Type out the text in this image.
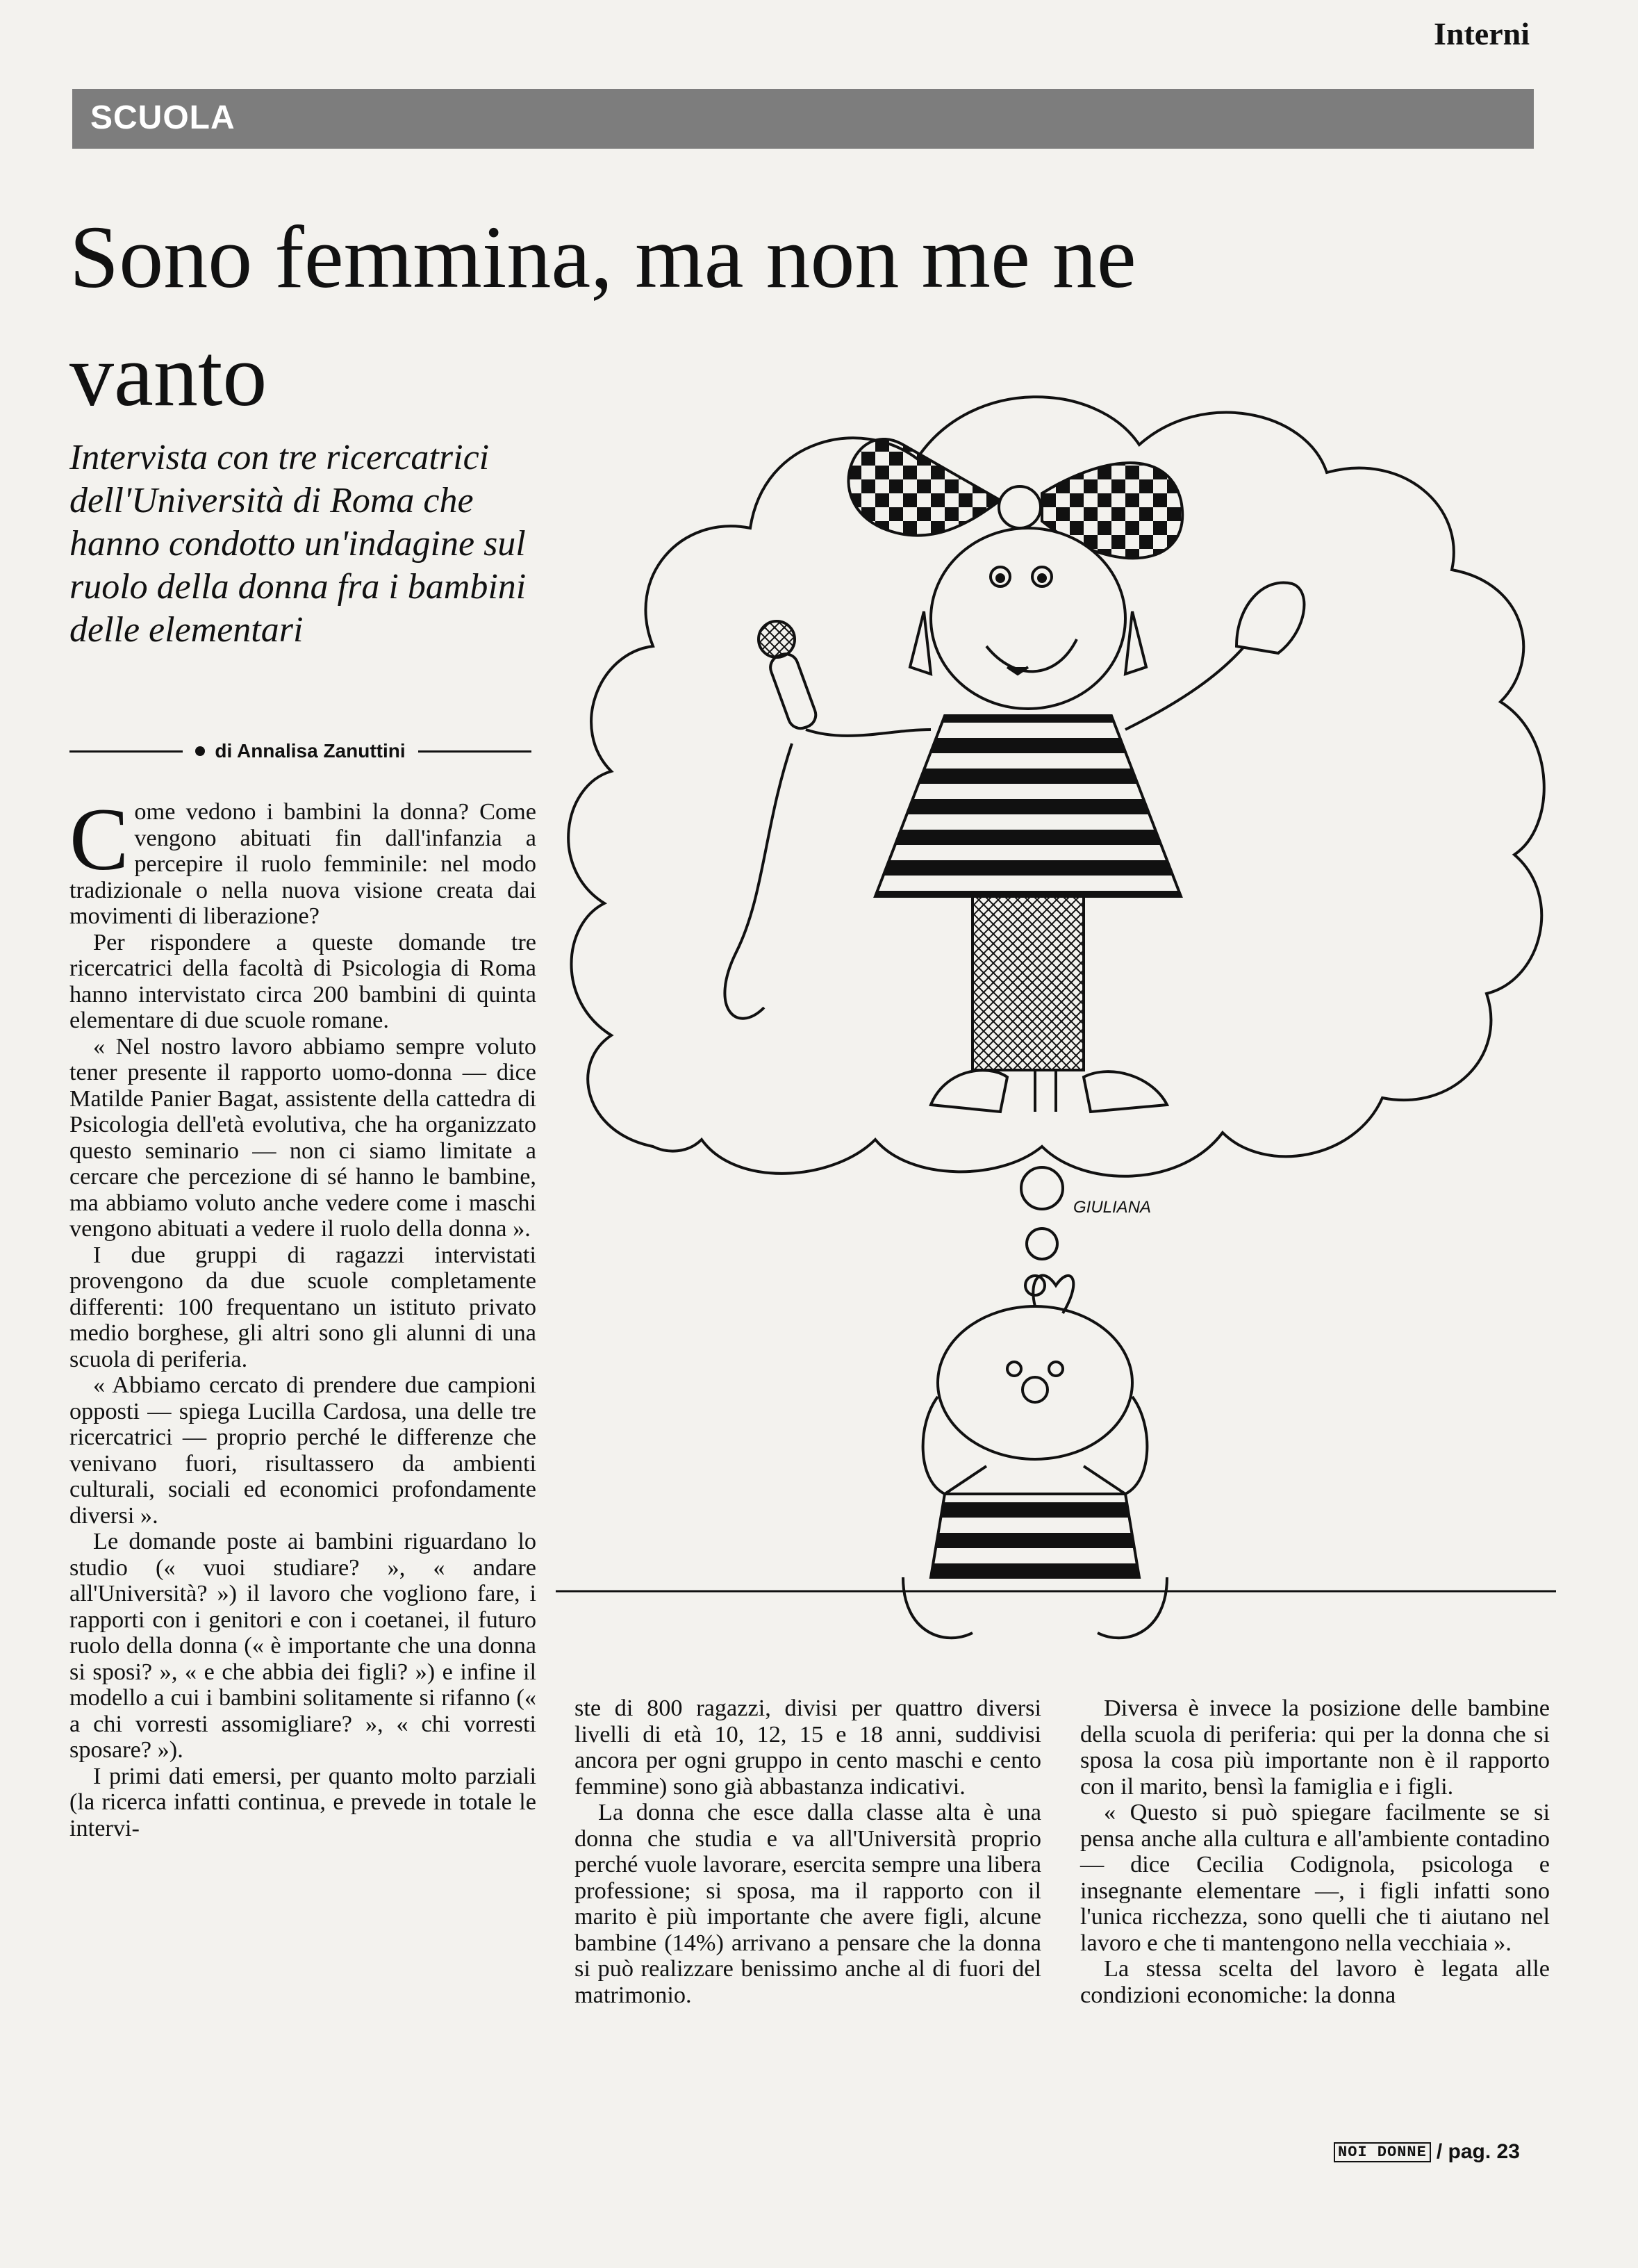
Interni
SCUOLA
Sono femmina, ma non me ne vanto
Intervista con tre ricercatrici dell'Università di Roma che hanno condotto un'indagine sul ruolo della donna fra i bambini delle elementari
di Annalisa Zanuttini

Come vedono i bambini la donna? Come vengono abituati fin dall'infanzia a percepire il ruolo femminile: nel modo tradizionale o nella nuova visione creata dai movimenti di liberazione?

Per rispondere a queste domande tre ricercatrici della facoltà di Psicologia di Roma hanno intervistato circa 200 bambini di quinta elementare di due scuole romane.

« Nel nostro lavoro abbiamo sempre voluto tener presente il rapporto uomo-donna — dice Matilde Panier Bagat, assistente della cattedra di Psicologia dell'età evolutiva, che ha organizzato questo seminario — non ci siamo limitate a cercare che percezione di sé hanno le bambine, ma abbiamo voluto anche vedere come i maschi vengono abituati a vedere il ruolo della donna ».

I due gruppi di ragazzi intervistati provengono da due scuole completamente differenti: 100 frequentano un istituto privato medio borghese, gli altri sono gli alunni di una scuola di periferia.

« Abbiamo cercato di prendere due campioni opposti — spiega Lucilla Cardosa, una delle tre ricercatrici — proprio perché le differenze che venivano fuori, risultassero da ambienti culturali, sociali ed economici profondamente diversi ».

Le domande poste ai bambini riguardano lo studio (« vuoi studiare? », « andare all'Università? ») il lavoro che vogliono fare, i rapporti con i genitori e con i coetanei, il futuro ruolo della donna (« è importante che una donna si sposi? », « e che abbia dei figli? ») e infine il modello a cui i bambini solitamente si rifanno (« a chi vorresti assomigliare? », « chi vorresti sposare? »).

I primi dati emersi, per quanto molto parziali (la ricerca infatti continua, e prevede in totale le intervi-

ste di 800 ragazzi, divisi per quattro diversi livelli di età 10, 12, 15 e 18 anni, suddivisi ancora per ogni gruppo in cento maschi e cento femmine) sono già abbastanza indicativi.

La donna che esce dalla classe alta è una donna che studia e va all'Università proprio perché vuole lavorare, esercita sempre una libera professione; si sposa, ma il rapporto con il marito è più importante che avere figli, alcune bambine (14%) arrivano a pensare che la donna si può realizzare benissimo anche al di fuori del matrimonio.

Diversa è invece la posizione delle bambine della scuola di periferia: qui per la donna che si sposa la cosa più importante non è il rapporto con il marito, bensì la famiglia e i figli.

« Questo si può spiegare facilmente se si pensa anche alla cultura e all'ambiente contadino — dice Cecilia Codignola, psicologa e insegnante elementare —, i figli infatti sono l'unica ricchezza, sono quelli che ti aiutano nel lavoro e che ti mantengono nella vecchiaia ».

La stessa scelta del lavoro è legata alle condizioni economiche: la donna

GIULIANA
NOI DONNE / pag. 23
